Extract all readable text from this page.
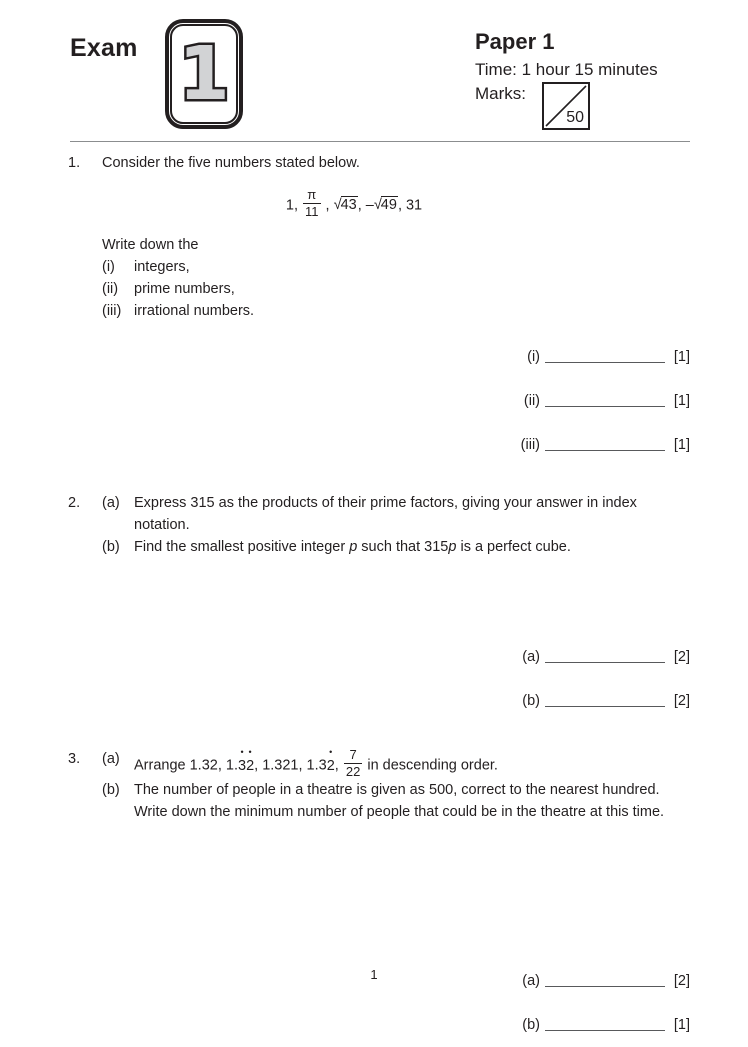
Exam 1	Paper 1
Time: 1 hour 15 minutes
Marks:
50
1.	Consider the five numbers stated below.

1, $\frac{\pi}{11}$ , √43, –√49, 31

Write down the

(i)	integers,

(ii)	prime numbers,

(iii) irrational numbers.

(i)	[1]
(ii)	[1]
(iii)	[1]
2.	(a) Express 315 as the products of their prime factors, giving your answer in index notation.

(b) Find the smallest positive integer p such that 315p is a perfect cube.

(a)	[2]
(b)	[2]
3.	(a) Arrange 1.32, 1.3 •2 •, 1.321, 1.32 •, $\frac{7}{22}$ in descending order.

(b) The number of people in a theatre is given as 500, correct to the nearest hundred. Write down the minimum number of people that could be in the theatre at this time.

(a)	[2]
(b)	[1]
1
